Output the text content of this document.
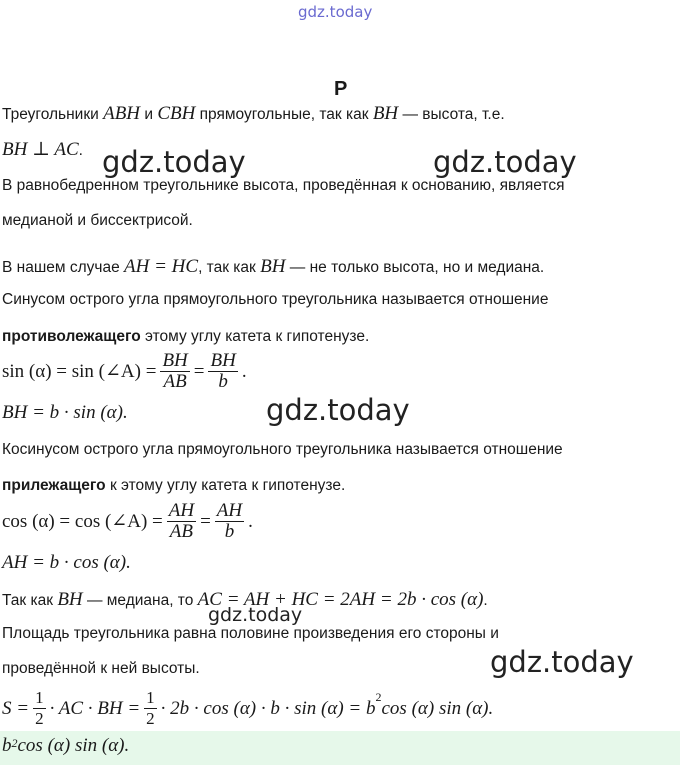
gdz.today
Р
Треугольники ABH и CBH прямоугольные, так как BH — высота, т.е.
BH ⊥ AC. gdz.today	gdz.today
В равнобедренном треугольнике высота, проведённая к основанию, является
медианой и биссектрисой.
В нашем случае AH = HC, так как BH — не только высота, но и медиана.
Синусом острого угла прямоугольного треугольника называется отношение
противолежащего этому углу катета к гипотенузе.
sin (α) = sin (∠A) = $\frac{BH}{AB} = \frac{BH}{b}$ .
BH = b · sin (α).	gdz.today
Косинусом острого угла прямоугольного треугольника называется отношение
прилежащего к этому углу катета к гипотенузе.
cos (α) = cos (∠A) = $\frac{AH}{AB} = \frac{AH}{b}$ .
AH = b · cos (α).
Так как BH — медиана, то AC = AH + HC = 2AH = 2b · cos (α).
gdz.today
Площадь треугольника равна половине произведения его стороны и
проведённой к ней высоты.	gdz.today
$S = \frac{1}{2}$ · AC · BH = $\frac{1}{2} \cdot 2b \cdot \cos (\alpha) \cdot b \cdot \sin (\alpha) = b$
$^2$
cos (α) sin (α).
b 2 cos (α) sin (α).
